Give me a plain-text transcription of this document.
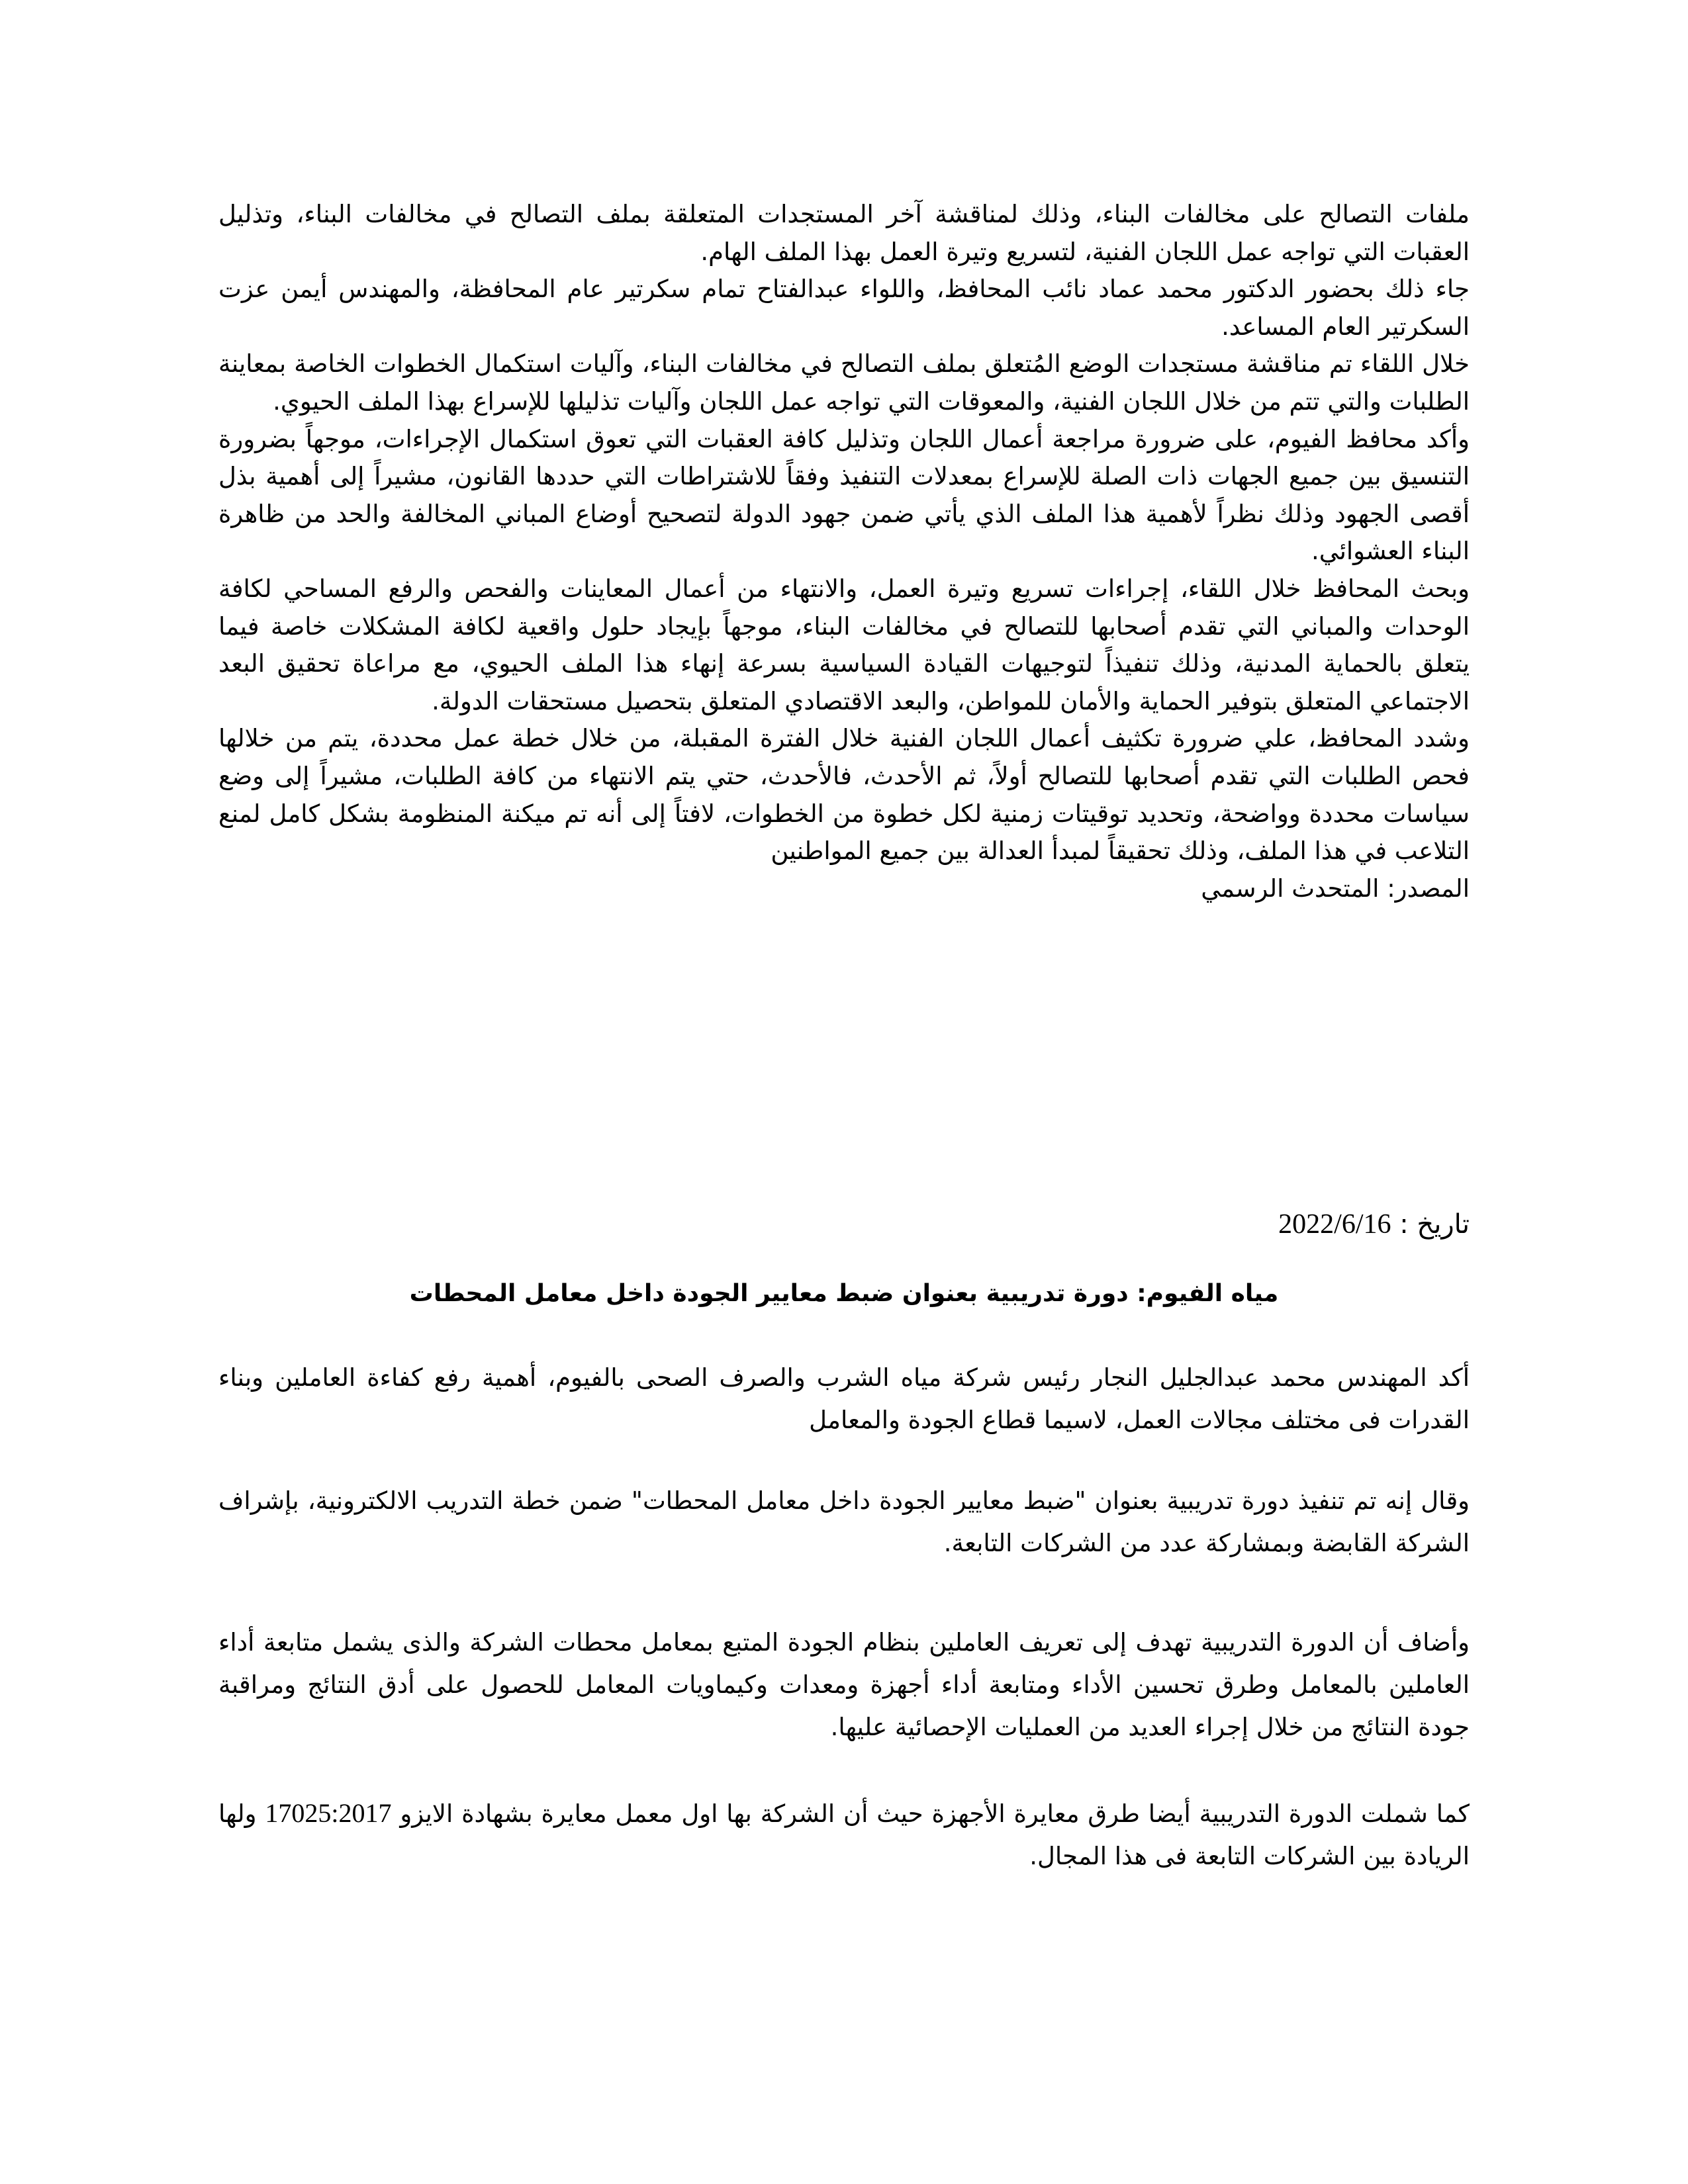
ملفات التصالح على مخالفات البناء، وذلك لمناقشة آخر المستجدات المتعلقة بملف التصالح في مخالفات البناء، وتذليل العقبات التي تواجه عمل اللجان الفنية، لتسريع وتيرة العمل بهذا الملف الهام.

جاء ذلك بحضور الدكتور محمد عماد نائب المحافظ، واللواء عبدالفتاح تمام سكرتير عام المحافظة، والمهندس أيمن عزت السكرتير العام المساعد.

خلال اللقاء تم مناقشة مستجدات الوضع المُتعلق بملف التصالح في مخالفات البناء، وآليات استكمال الخطوات الخاصة بمعاينة الطلبات والتي تتم من خلال اللجان الفنية، والمعوقات التي تواجه عمل اللجان وآليات تذليلها للإسراع بهذا الملف الحيوي.

وأكد محافظ الفيوم، على ضرورة مراجعة أعمال اللجان وتذليل كافة العقبات التي تعوق استكمال الإجراءات، موجهاً بضرورة التنسيق بين جميع الجهات ذات الصلة للإسراع بمعدلات التنفيذ وفقاً للاشتراطات التي حددها القانون، مشيراً إلى أهمية بذل أقصى الجهود وذلك نظراً لأهمية هذا الملف الذي يأتي ضمن جهود الدولة لتصحيح أوضاع المباني المخالفة والحد من ظاهرة البناء العشوائي.

وبحث المحافظ خلال اللقاء، إجراءات تسريع وتيرة العمل، والانتهاء من أعمال المعاينات والفحص والرفع المساحي لكافة الوحدات والمباني التي تقدم أصحابها للتصالح في مخالفات البناء، موجهاً بإيجاد حلول واقعية لكافة المشكلات خاصة فيما يتعلق بالحماية المدنية، وذلك تنفيذاً لتوجيهات القيادة السياسية بسرعة إنهاء هذا الملف الحيوي، مع مراعاة تحقيق البعد الاجتماعي المتعلق بتوفير الحماية والأمان للمواطن، والبعد الاقتصادي المتعلق بتحصيل مستحقات الدولة.

وشدد المحافظ، علي ضرورة تكثيف أعمال اللجان الفنية خلال الفترة المقبلة، من خلال خطة عمل محددة، يتم من خلالها فحص الطلبات التي تقدم أصحابها للتصالح أولاً، ثم الأحدث، فالأحدث، حتي يتم الانتهاء من كافة الطلبات، مشيراً إلى وضع سياسات محددة وواضحة، وتحديد توقيتات زمنية لكل خطوة من الخطوات، لافتاً إلى أنه تم ميكنة المنظومة بشكل كامل لمنع التلاعب في هذا الملف، وذلك تحقيقاً لمبدأ العدالة بين جميع المواطنين

المصدر: المتحدث الرسمي

تاريخ : 2022/6/16
مياه الفيوم: دورة تدريبية بعنوان ضبط معايير الجودة داخل معامل المحطات

أكد المهندس محمد عبدالجليل النجار رئيس شركة مياه الشرب والصرف الصحى بالفيوم، أهمية رفع كفاءة العاملين وبناء القدرات فى مختلف مجالات العمل، لاسيما قطاع الجودة والمعامل

وقال إنه تم تنفيذ دورة تدريبية بعنوان "ضبط معايير الجودة داخل معامل المحطات" ضمن خطة التدريب الالكترونية، بإشراف الشركة القابضة وبمشاركة عدد من الشركات التابعة.

وأضاف أن الدورة التدريبية تهدف إلى تعريف العاملين بنظام الجودة المتبع بمعامل محطات الشركة والذى يشمل متابعة أداء العاملين بالمعامل وطرق تحسين الأداء ومتابعة أداء أجهزة ومعدات وكيماويات المعامل للحصول على أدق النتائج ومراقبة جودة النتائج من خلال إجراء العديد من العمليات الإحصائية عليها.

كما شملت الدورة التدريبية أيضا طرق معايرة الأجهزة حيث أن الشركة بها اول معمل معايرة بشهادة الايزو 17025:2017 ولها الريادة بين الشركات التابعة فى هذا المجال.
